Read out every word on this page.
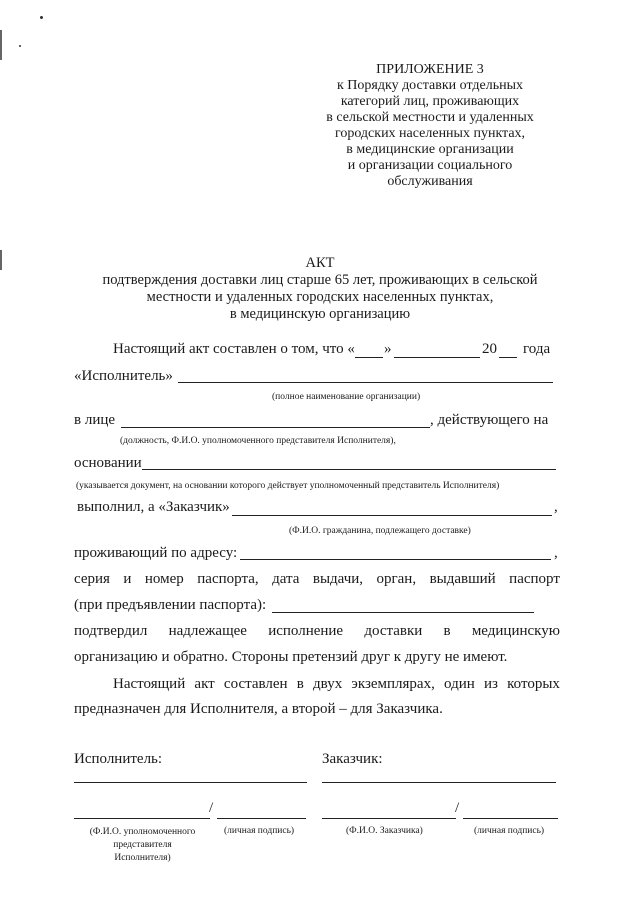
ПРИЛОЖЕНИЕ 3
к Порядку доставки отдельных
категорий лиц, проживающих
в сельской местности и удаленных
городских населенных пунктах,
в медицинские организации
и организации социального
обслуживания
АКТ
подтверждения доставки лиц старше 65 лет, проживающих в сельской
местности и удаленных городских населенных пунктах,
в медицинскую организацию
Настоящий акт составлен о том, что « »	20 года
«Исполнитель»
(полное наименование организации)
в лице	, действующего на
(должность, Ф.И.О. уполномоченного представителя Исполнителя),
основании
(указывается документ, на основании которого действует уполномоченный представитель Исполнителя)
выполнил, а «Заказчик»	,
(Ф.И.О. гражданина, подлежащего доставке)
проживающий по адресу:	,
серия и номер паспорта, дата выдачи, орган, выдавший паспорт
(при предъявлении паспорта):
подтвердил надлежащее исполнение доставки в медицинскую
организацию и обратно. Стороны претензий друг к другу не имеют.
Настоящий акт составлен в двух экземплярах, один из которых
предназначен для Исполнителя, а второй – для Заказчика.
Исполнитель:	Заказчик:
/	/
(Ф.И.О. уполномоченного
представителя
Исполнителя)
(личная подпись)	(Ф.И.О. Заказчика)	(личная подпись)
